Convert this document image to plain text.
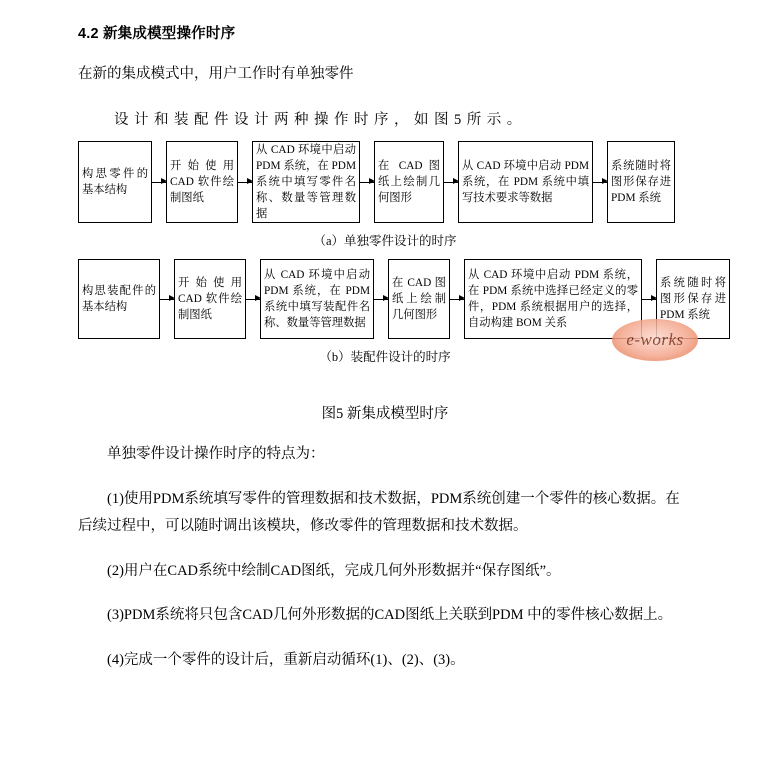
4.2 新集成模型操作时序
在新的集成模式中，用户工作时有单独零件
设计和装配件设计两种操作时序，如图5所示。
构思零件的基本结构
开始使用 CAD 软件绘制图纸
从 CAD 环境中启动 PDM 系统，在 PDM 系统中填写零件名称、数量等管理数据
在 CAD 图纸上绘制几何图形
从 CAD 环境中启动 PDM 系统，在 PDM 系统中填写技术要求等数据
系统随时将图形保存进 PDM 系统
（a）单独零件设计的时序
构思装配件的基本结构
开始使用 CAD 软件绘制图纸
从 CAD 环境中启动 PDM 系统，在 PDM 系统中填写装配件名称、数量等管理数据
在 CAD 图纸上绘制几何图形
从 CAD 环境中启动 PDM 系统，在 PDM 系统中选择已经定义的零件，PDM 系统根据用户的选择，自动构建 BOM 关系
系统随时将图形保存进 PDM 系统
（b）装配件设计的时序
e-works
图5 新集成模型时序
单独零件设计操作时序的特点为：
(1)使用PDM系统填写零件的管理数据和技术数据，PDM系统创建一个零件的核心数据。在后续过程中，可以随时调出该模块，修改零件的管理数据和技术数据。
(2)用户在CAD系统中绘制CAD图纸，完成几何外形数据并“保存图纸”。
(3)PDM系统将只包含CAD几何外形数据的CAD图纸上关联到PDM 中的零件核心数据上。
(4)完成一个零件的设计后，重新启动循环(1)、(2)、(3)。
